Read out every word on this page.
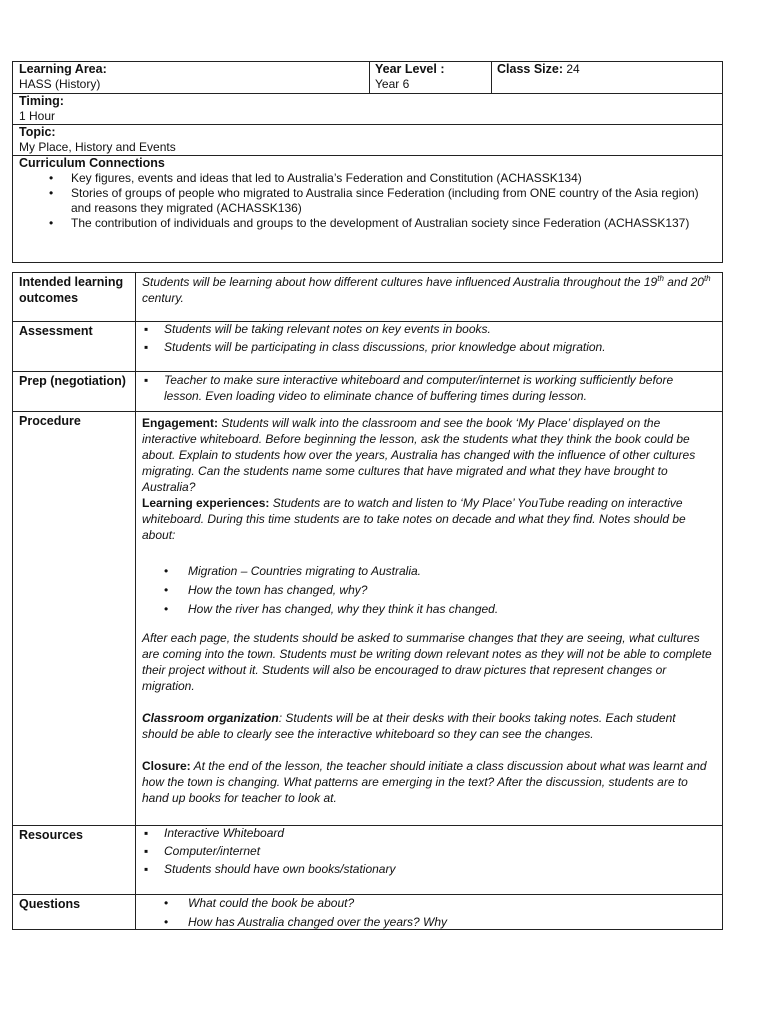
Learning Area:
HASS (History)
Year Level :
Year 6
Class Size: 24
Timing:
1 Hour
Topic:
My Place, History and Events
Curriculum Connections
• Key figures, events and ideas that led to Australia’s Federation and Constitution (ACHASSK134)
• Stories of groups of people who migrated to Australia since Federation (including from ONE country of the Asia region) and reasons they migrated (ACHASSK136)
• The contribution of individuals and groups to the development of Australian society since Federation (ACHASSK137)
Intended learning outcomes
Students will be learning about how different cultures have influenced Australia throughout the 19th and 20th century.
Assessment	▪ Students will be taking relevant notes on key events in books.
▪ Students will be participating in class discussions, prior knowledge about migration.
Prep (negotiation)	▪ Teacher to make sure interactive whiteboard and computer/internet is working sufficiently before lesson. Even loading video to eliminate chance of buffering times during lesson.
Procedure	Engagement: Students will walk into the classroom and see the book ‘My Place’ displayed on the interactive whiteboard. Before beginning the lesson, ask the students what they think the book could be about. Explain to students how over the years, Australia has changed with the influence of other cultures migrating. Can the students name some cultures that have migrated and what they have brought to Australia?

Learning experiences: Students are to watch and listen to ‘My Place’ YouTube reading on interactive whiteboard. During this time students are to take notes on decade and what they find. Notes should be about:

• Migration – Countries migrating to Australia.
• How the town has changed, why?
• How the river has changed, why they think it has changed.

After each page, the students should be asked to summarise changes that they are seeing, what cultures are coming into the town. Students must be writing down relevant notes as they will not be able to complete their project without it. Students will also be encouraged to draw pictures that represent changes or migration.

Classroom organization: Students will be at their desks with their books taking notes. Each student should be able to clearly see the interactive whiteboard so they can see the changes.

Closure: At the end of the lesson, the teacher should initiate a class discussion about what was learnt and how the town is changing. What patterns are emerging in the text? After the discussion, students are to hand up books for teacher to look at.

Resources	▪ Interactive Whiteboard
▪ Computer/internet
▪ Students should have own books/stationary
Questions	• What could the book be about?
• How has Australia changed over the years? Why
